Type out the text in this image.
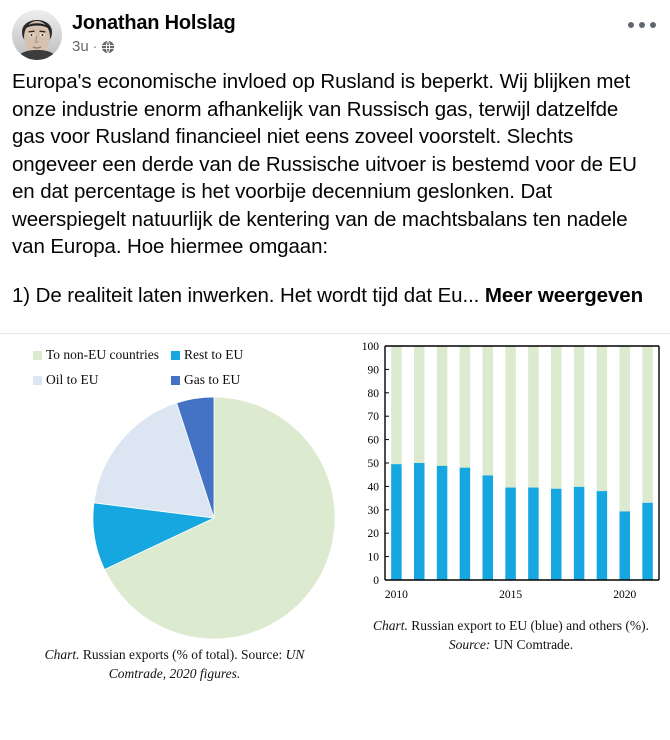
Jonathan Holslag
3u ·

Europa's economische invloed op Rusland is beperkt. Wij blijken met onze industrie enorm afhankelijk van Russisch gas, terwijl datzelfde gas voor Rusland financieel niet eens zoveel voorstelt. Slechts ongeveer een derde van de Russische uitvoer is bestemd voor de EU en dat percentage is het voorbije decennium geslonken. Dat weerspiegelt natuurlijk de kentering van de machtsbalans ten nadele van Europa. Hoe hiermee omgaan:

1) De realiteit laten inwerken. Het wordt tijd dat Eu... Meer weergeven

To non-EU countries Rest to EU
Oil to EU	Gas to EU
Chart. Russian exports (% of total). Source: UN Comtrade, 2020 figures.
0
10
20
30
40
50
60
70
80
90
100
2010	2015	2020
Chart. Russian export to EU (blue) and others (%). Source: UN Comtrade.
